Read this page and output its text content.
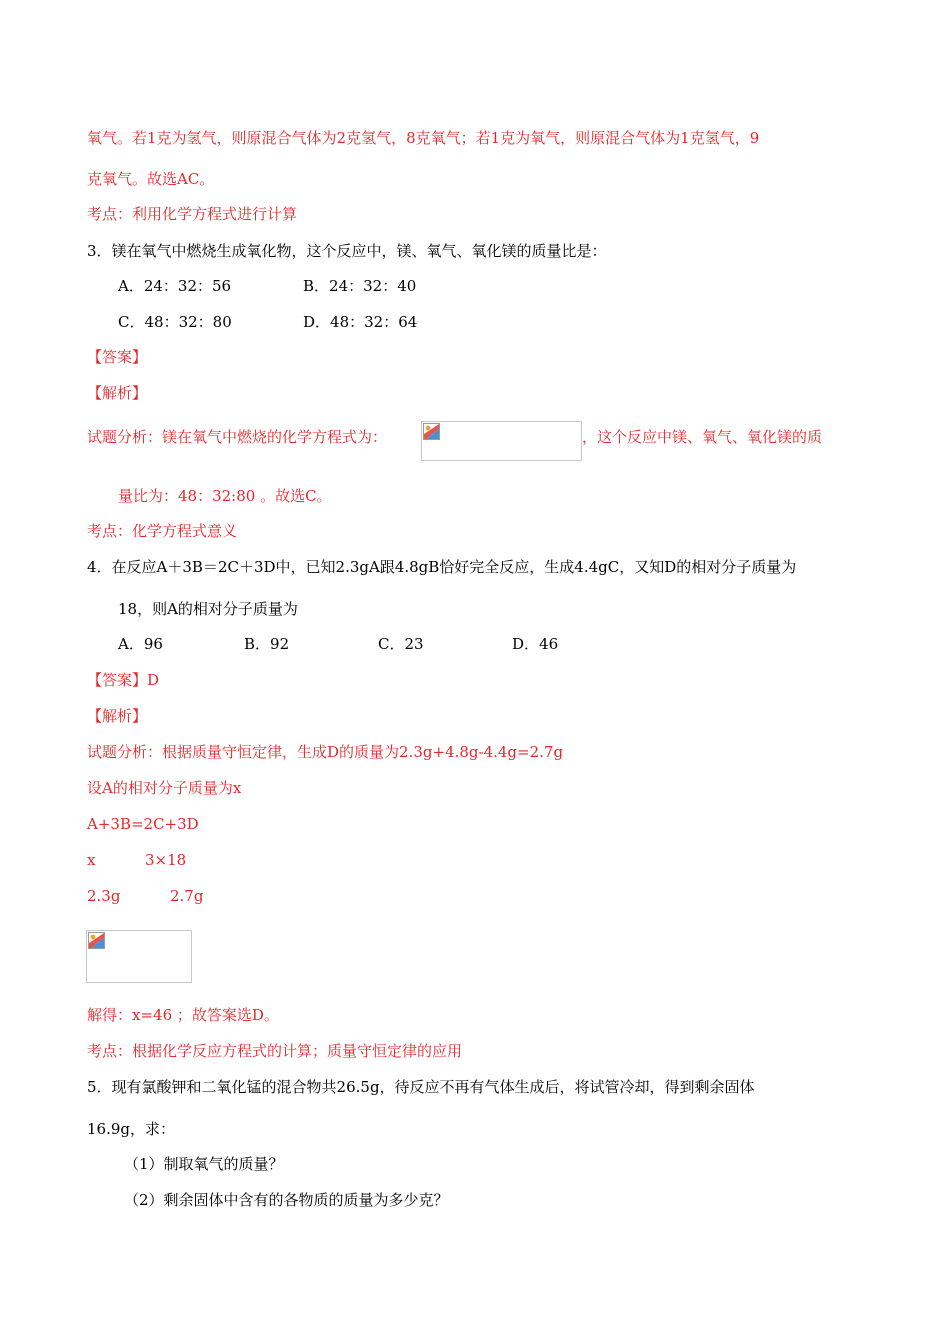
氧气。若1克为氢气，则原混合气体为2克氢气，8克氧气；若1克为氧气，则原混合气体为1克氢气，9
克氧气。故选AC。
考点：利用化学方程式进行计算
3．镁在氧气中燃烧生成氧化物，这个反应中，镁、氧气、氧化镁的质量比是：
A．24：32：56	B．24：32：40
C．48：32：80	D．48：32：64
【答案】
【解析】
试题分析：镁在氧气中燃烧的化学方程式为：	，这个反应中镁、氧气、氧化镁的质
量比为：48：32:80 。故选C。
考点：化学方程式意义
4．在反应A＋3B＝2C＋3D中，已知2.3gA跟4.8gB恰好完全反应，生成4.4gC，又知D的相对分子质量为
18，则A的相对分子质量为
A．96	B．92	C．23	D．46
【答案】D
【解析】
试题分析：根据质量守恒定律，生成D的质量为2.3g+4.8g-4.4g=2.7g
设A的相对分子质量为x
A+3B=2C+3D
x	3×18
2.3g	2.7g
解得：x=46 ；故答案选D。
考点：根据化学反应方程式的计算；质量守恒定律的应用
5．现有氯酸钾和二氧化锰的混合物共26.5g，待反应不再有气体生成后，将试管冷却，得到剩余固体
16.9g，求：
（1）制取氧气的质量？
（2）剩余固体中含有的各物质的质量为多少克？
